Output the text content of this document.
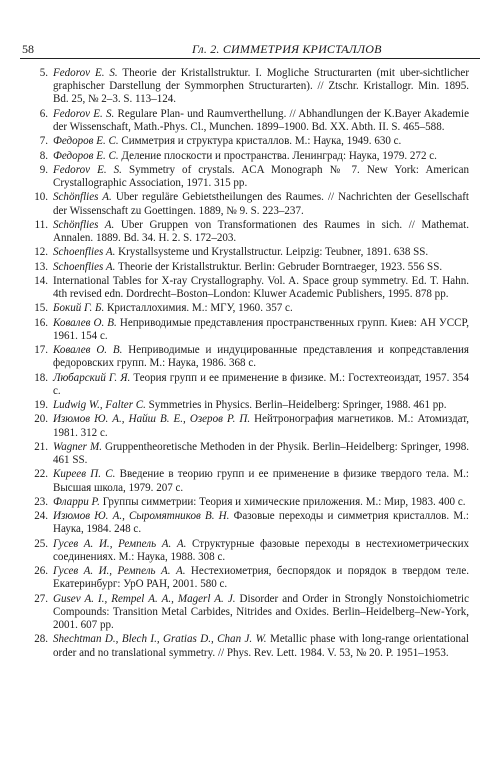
58	Гл. 2. СИММЕТРИЯ КРИСТАЛЛОВ
5. Fedorov E. S. Theorie der Kristallstruktur. I. Mogliche Structurarten (mit uber-sichtlicher graphischer Darstellung der Symmorphen Structurarten). // Ztschr. Kristallogr. Min. 1895. Bd. 25, № 2–3. S. 113–124.
6. Fedorov E. S. Regulare Plan- und Raumverthellung. // Abhandlungen der K.Bayer Akademie der Wissenschaft, Math.-Phys. Cl., Munchen. 1899–1900. Bd. XX. Abth. II. S. 465–588.
7. Федоров Е. С. Симметрия и структура кристаллов. М.: Наука, 1949. 630 с.
8. Федоров Е. С. Деление плоскости и пространства. Ленинград: Наука, 1979. 272 с.
9. Fedorov E. S. Symmetry of crystals. ACA Monograph № 7. New York: American Crystallographic Association, 1971. 315 pp.
10. Schönflies A. Uber reguläre Gebietstheilungen des Raumes. // Nachrichten der Gesellschaft der Wissenschaft zu Goettingen. 1889, № 9. S. 223–237.
11. Schönflies A. Uber Gruppen von Transformationen des Raumes in sich. // Mathemat. Annalen. 1889. Bd. 34. H. 2. S. 172–203.
12. Schoenflies A. Krystallsysteme und Krystallstructur. Leipzig: Teubner, 1891. 638 SS.
13. Schoenflies A. Theorie der Kristallstruktur. Berlin: Gebruder Borntraeger, 1923. 556 SS.
14. International Tables for X-ray Crystallography. Vol. A. Space group symmetry. Ed. T. Hahn. 4th revised edn. Dordrecht–Boston–London: Kluwer Academic Publishers, 1995. 878 pp.
15. Бокий Г. Б. Кристаллохимия. М.: МГУ, 1960. 357 с.
16. Ковалев О. В. Неприводимые представления пространственных групп. Киев: АН УССР, 1961. 154 с.
17. Ковалев О. В. Неприводимые и индуцированные представления и копредставления федоровских групп. М.: Наука, 1986. 368 с.
18. Любарский Г. Я. Теория групп и ее применение в физике. М.: Гостехтеоиздат, 1957. 354 с.
19. Ludwig W., Falter C. Symmetries in Physics. Berlin–Heidelberg: Springer, 1988. 461 pp.
20. Изюмов Ю. А., Найш В. Е., Озеров Р. П. Нейтронография магнетиков. М.: Атомиздат, 1981. 312 с.
21. Wagner M. Gruppentheoretische Methoden in der Physik. Berlin–Heidelberg: Springer, 1998. 461 SS.
22. Киреев П. С. Введение в теорию групп и ее применение в физике твердого тела. М.: Высшая школа, 1979. 207 с.
23. Фларри Р. Группы симметрии: Теория и химические приложения. М.: Мир, 1983. 400 с.
24. Изюмов Ю. А., Сыромятников В. Н. Фазовые переходы и симметрия кристаллов. М.: Наука, 1984. 248 с.
25. Гусев А. И., Ремпель А. А. Структурные фазовые переходы в нестехиометрических соединениях. М.: Наука, 1988. 308 с.
26. Гусев А. И., Ремпель А. А. Нестехиометрия, беспорядок и порядок в твердом теле. Екатеринбург: УрО РАН, 2001. 580 с.
27. Gusev A. I., Rempel A. A., Magerl A. J. Disorder and Order in Strongly Nonstoichiometric Compounds: Transition Metal Carbides, Nitrides and Oxides. Berlin–Heidelberg–New-York, 2001. 607 pp.
28. Shechtman D., Blech I., Gratias D., Chan J. W. Metallic phase with long-range orientational order and no translational symmetry. // Phys. Rev. Lett. 1984. V. 53, № 20. P. 1951–1953.
